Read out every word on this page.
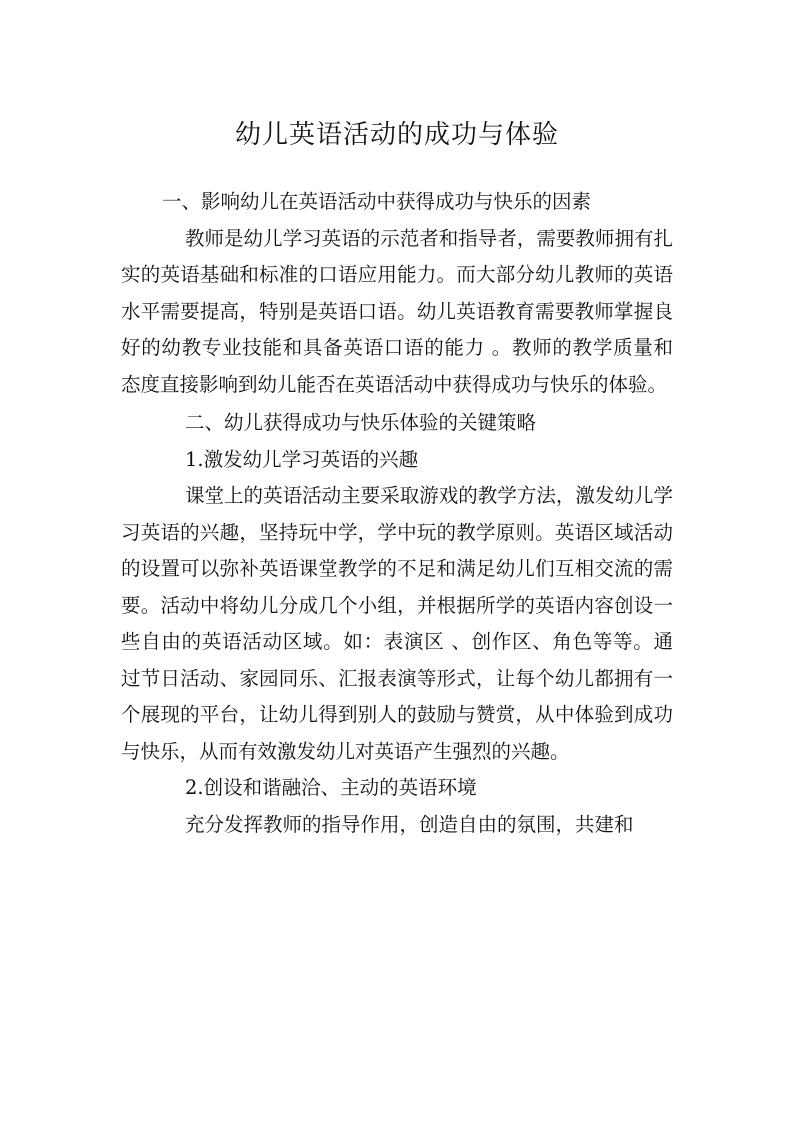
幼儿英语活动的成功与体验

一、影响幼儿在英语活动中获得成功与快乐的因素

教师是幼儿学习英语的示范者和指导者，需要教师拥有扎实的英语基础和标准的口语应用能力。而大部分幼儿教师的英语水平需要提高，特别是英语口语。幼儿英语教育需要教师掌握良好的幼教专业技能和具备英语口语的能力 。教师的教学质量和态度直接影响到幼儿能否在英语活动中获得成功与快乐的体验。

二、幼儿获得成功与快乐体验的关键策略

1.激发幼儿学习英语的兴趣

课堂上的英语活动主要采取游戏的教学方法，激发幼儿学习英语的兴趣，坚持玩中学，学中玩的教学原则。英语区域活动的设置可以弥补英语课堂教学的不足和满足幼儿们互相交流的需要。活动中将幼儿分成几个小组，并根据所学的英语内容创设一些自由的英语活动区域。如：表演区 、创作区、角色等等。通过节日活动、家园同乐、汇报表演等形式，让每个幼儿都拥有一个展现的平台，让幼儿得到别人的鼓励与赞赏，从中体验到成功与快乐，从而有效激发幼儿对英语产生强烈的兴趣。

2.创设和谐融洽、主动的英语环境

充分发挥教师的指导作用，创造自由的氛围，共建和
